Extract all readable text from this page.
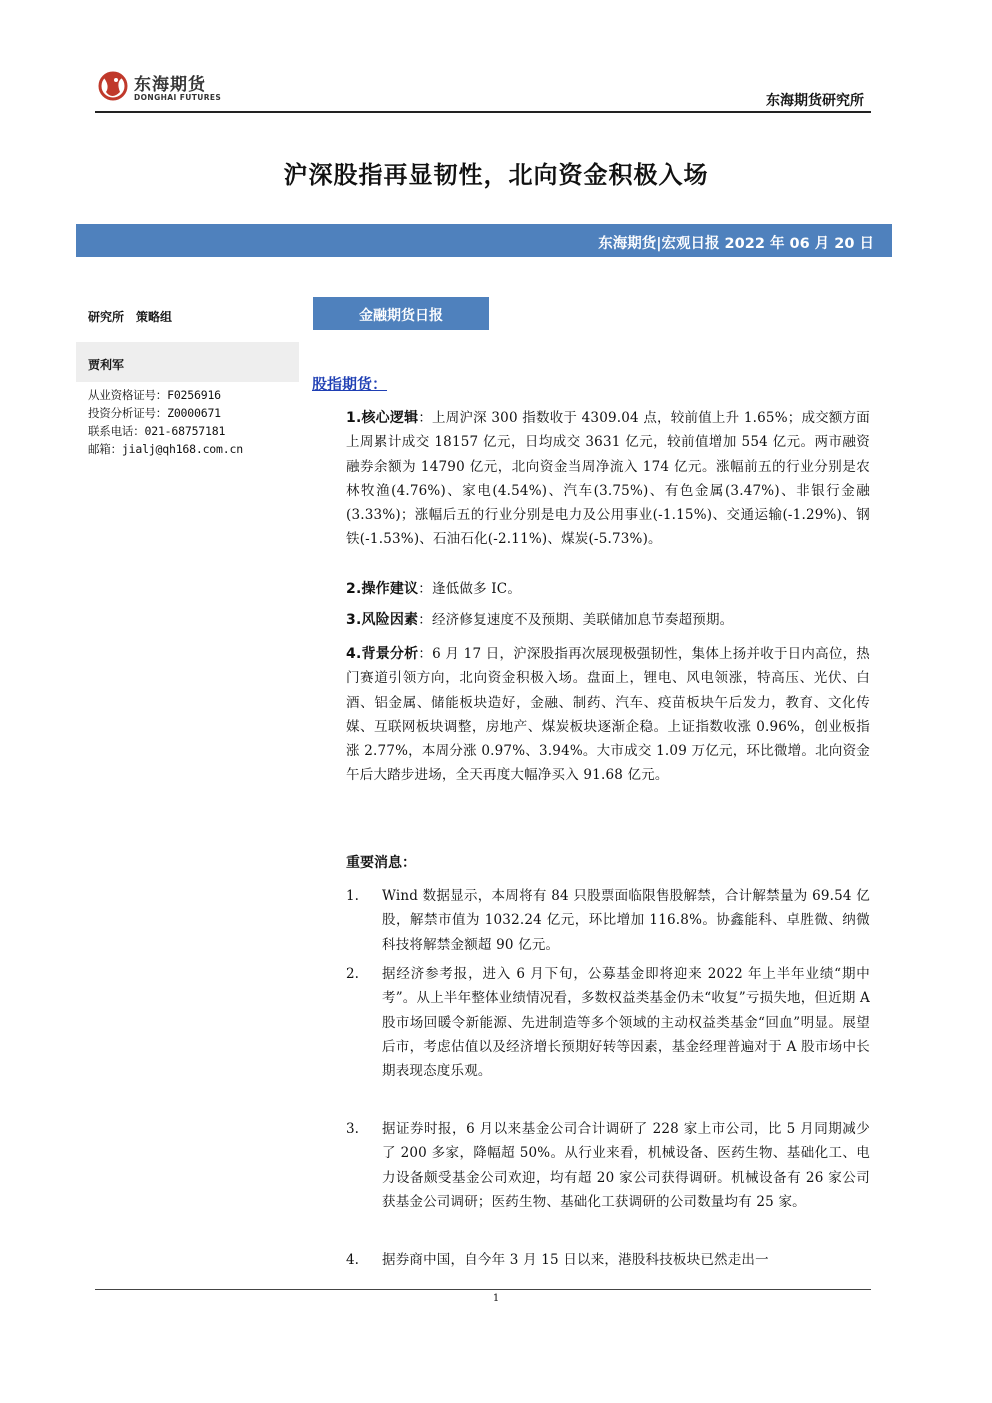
东海期货
DONGHAI FUTURES	东海期货研究所
沪深股指再显韧性，北向资金积极入场
东海期货|宏观日报 2022 年 06 月 20 日
研究所　策略组
贾利军
从业资格证号：F0256916
投资分析证号：Z0000671
联系电话：021-68757181
邮箱：jialj@qh168.com.cn
金融期货日报
股指期货：
1.核心逻辑：上周沪深 300 指数收于 4309.04 点，较前值上升 1.65%；成交额方面上周累计成交 18157 亿元，日均成交 3631 亿元，较前值增加 554 亿元。两市融资融券余额为 14790 亿元，北向资金当周净流入 174 亿元。涨幅前五的行业分别是农林牧渔(4.76%)、家电(4.54%)、汽车(3.75%)、有色金属(3.47%)、非银行金融(3.33%)；涨幅后五的行业分别是电力及公用事业(-1.15%)、交通运输(-1.29%)、钢铁(-1.53%)、石油石化(-2.11%)、煤炭(-5.73%)。
2.操作建议：逢低做多 IC。
3.风险因素：经济修复速度不及预期、美联储加息节奏超预期。
4.背景分析：6 月 17 日，沪深股指再次展现极强韧性，集体上扬并收于日内高位，热门赛道引领方向，北向资金积极入场。盘面上，锂电、风电领涨，特高压、光伏、白酒、铝金属、储能板块造好，金融、制药、汽车、疫苗板块午后发力，教育、文化传媒、互联网板块调整，房地产、煤炭板块逐渐企稳。上证指数收涨 0.96%，创业板指涨 2.77%，本周分涨 0.97%、3.94%。大市成交 1.09 万亿元，环比微增。北向资金午后大踏步进场，全天再度大幅净买入 91.68 亿元。
重要消息：
1.	Wind 数据显示，本周将有 84 只股票面临限售股解禁，合计解禁量为 69.54 亿股，解禁市值为 1032.24 亿元，环比增加 116.8%。协鑫能科、卓胜微、纳微科技将解禁金额超 90 亿元。
2.	据经济参考报，进入 6 月下旬，公募基金即将迎来 2022 年上半年业绩“期中考”。从上半年整体业绩情况看，多数权益类基金仍未“收复”亏损失地，但近期 A 股市场回暖令新能源、先进制造等多个领域的主动权益类基金“回血”明显。展望后市，考虑估值以及经济增长预期好转等因素，基金经理普遍对于 A 股市场中长期表现态度乐观。
3.	据证券时报，6 月以来基金公司合计调研了 228 家上市公司，比 5 月同期减少了 200 多家，降幅超 50%。从行业来看，机械设备、医药生物、基础化工、电力设备颇受基金公司欢迎，均有超 20 家公司获得调研。机械设备有 26 家公司获基金公司调研；医药生物、基础化工获调研的公司数量均有 25 家。
4.	据券商中国，自今年 3 月 15 日以来，港股科技板块已然走出一
1
